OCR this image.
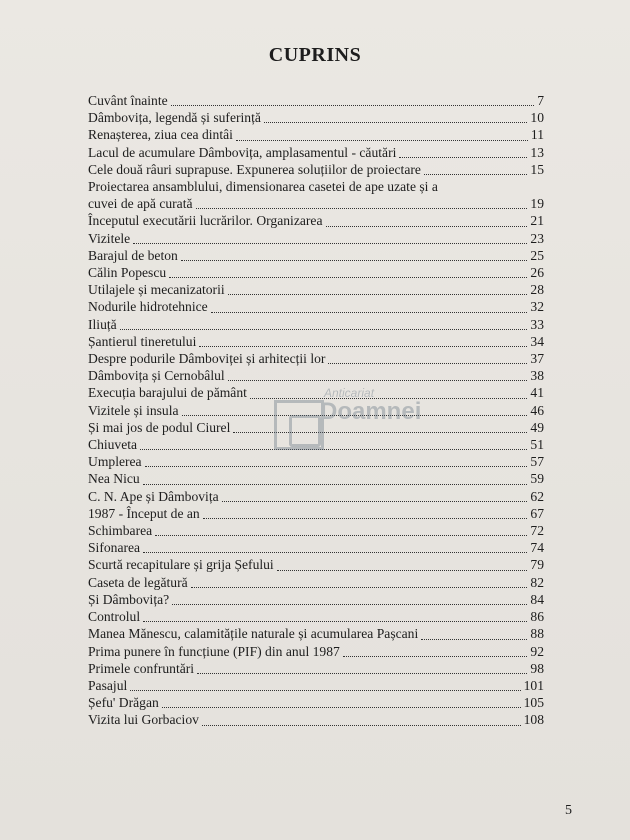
CUPRINS
Cuvânt înainte	7
Dâmbovița, legendă și suferință	10
Renașterea, ziua cea dintâi	11
Lacul de acumulare Dâmbovița, amplasamentul - căutări	13
Cele două râuri suprapuse. Expunerea soluțiilor de proiectare	15
Proiectarea ansamblului, dimensionarea casetei de ape uzate și a
cuvei de apă curată	19
Începutul executării lucrărilor. Organizarea	21
Vizitele	23
Barajul de beton	25
Călin Popescu	26
Utilajele și mecanizatorii	28
Nodurile hidrotehnice	32
Iliuță	33
Șantierul tineretului	34
Despre podurile Dâmboviței și arhitecții lor	37
Dâmbovița și Cernobâlul	38
Execuția barajului de pământ	41
Vizitele și insula	46
Și mai jos de podul Ciurel	49
Chiuveta	51
Umplerea	57
Nea Nicu	59
C. N. Ape și Dâmbovița	62
1987 - Început de an	67
Schimbarea	72
Sifonarea	74
Scurtă recapitulare și grija Șefului	79
Caseta de legătură	82
Și Dâmbovița?	84
Controlul	86
Manea Mănescu, calamitățile naturale și acumularea Pașcani	88
Prima punere în funcțiune (PIF) din anul 1987	92
Primele confruntări	98
Pasajul	101
Șefu' Drăgan	105
Vizita lui Gorbaciov	108
Anticariat
Doamnei
5
